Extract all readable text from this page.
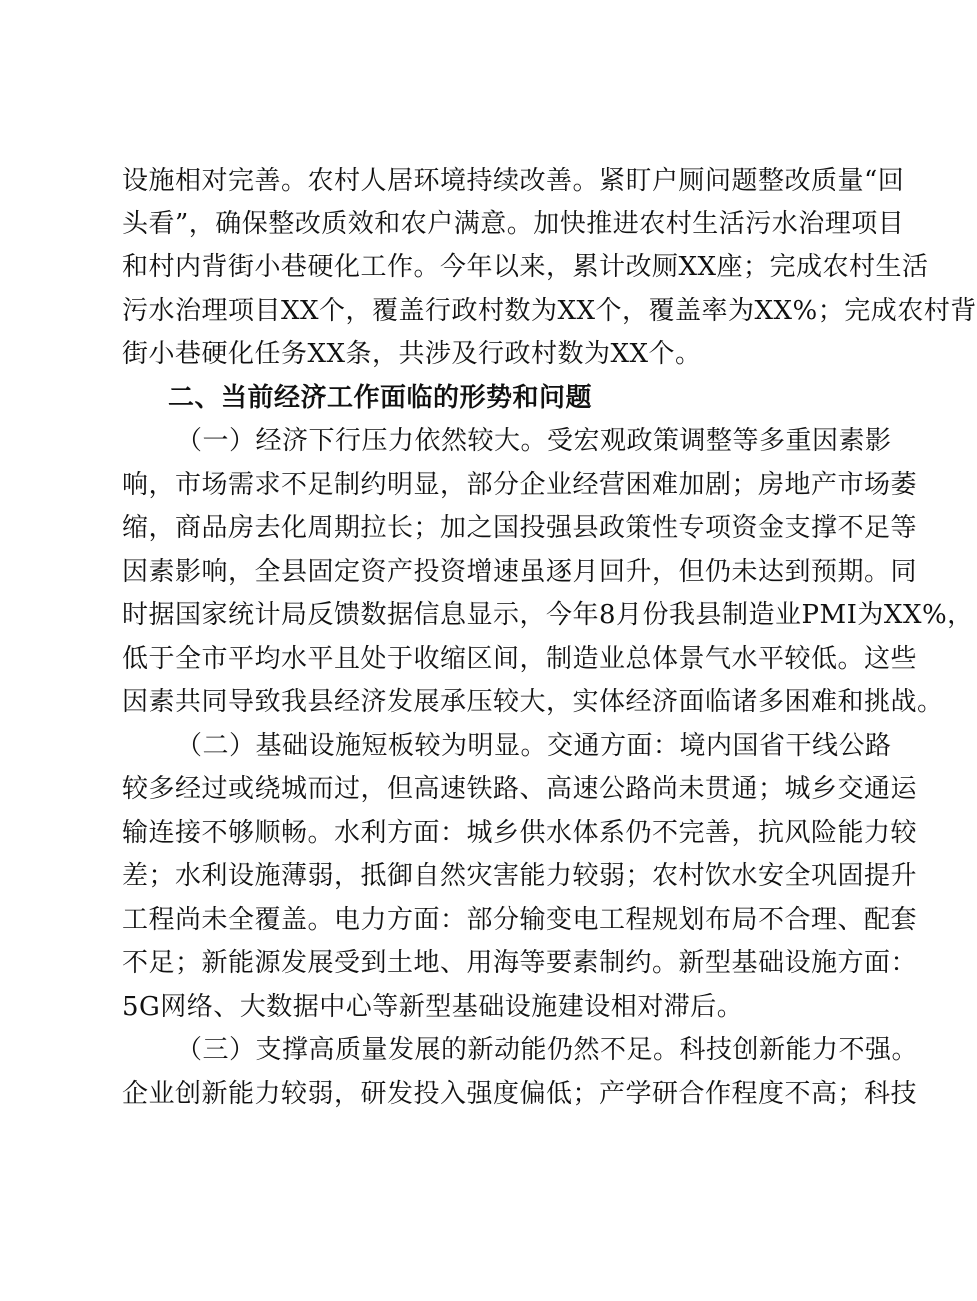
设施相对完善。农村人居环境持续改善。紧盯户厕问题整改质量“回
头看”，确保整改质效和农户满意。加快推进农村生活污水治理项目
和村内背街小巷硬化工作。今年以来，累计改厕XX座；完成农村生活
污水治理项目XX个，覆盖行政村数为XX个，覆盖率为XX%；完成农村背
街小巷硬化任务XX条，共涉及行政村数为XX个。
二、当前经济工作面临的形势和问题
（一）经济下行压力依然较大。受宏观政策调整等多重因素影
响，市场需求不足制约明显，部分企业经营困难加剧；房地产市场萎
缩，商品房去化周期拉长；加之国投强县政策性专项资金支撑不足等
因素影响，全县固定资产投资增速虽逐月回升，但仍未达到预期。同
时据国家统计局反馈数据信息显示，今年8月份我县制造业PMI为XX%，
低于全市平均水平且处于收缩区间，制造业总体景气水平较低。这些
因素共同导致我县经济发展承压较大，实体经济面临诸多困难和挑战。
（二）基础设施短板较为明显。交通方面：境内国省干线公路
较多经过或绕城而过，但高速铁路、高速公路尚未贯通；城乡交通运
输连接不够顺畅。水利方面：城乡供水体系仍不完善，抗风险能力较
差；水利设施薄弱，抵御自然灾害能力较弱；农村饮水安全巩固提升
工程尚未全覆盖。电力方面：部分输变电工程规划布局不合理、配套
不足；新能源发展受到土地、用海等要素制约。新型基础设施方面：
5G网络、大数据中心等新型基础设施建设相对滞后。
（三）支撑高质量发展的新动能仍然不足。科技创新能力不强。
企业创新能力较弱，研发投入强度偏低；产学研合作程度不高；科技
